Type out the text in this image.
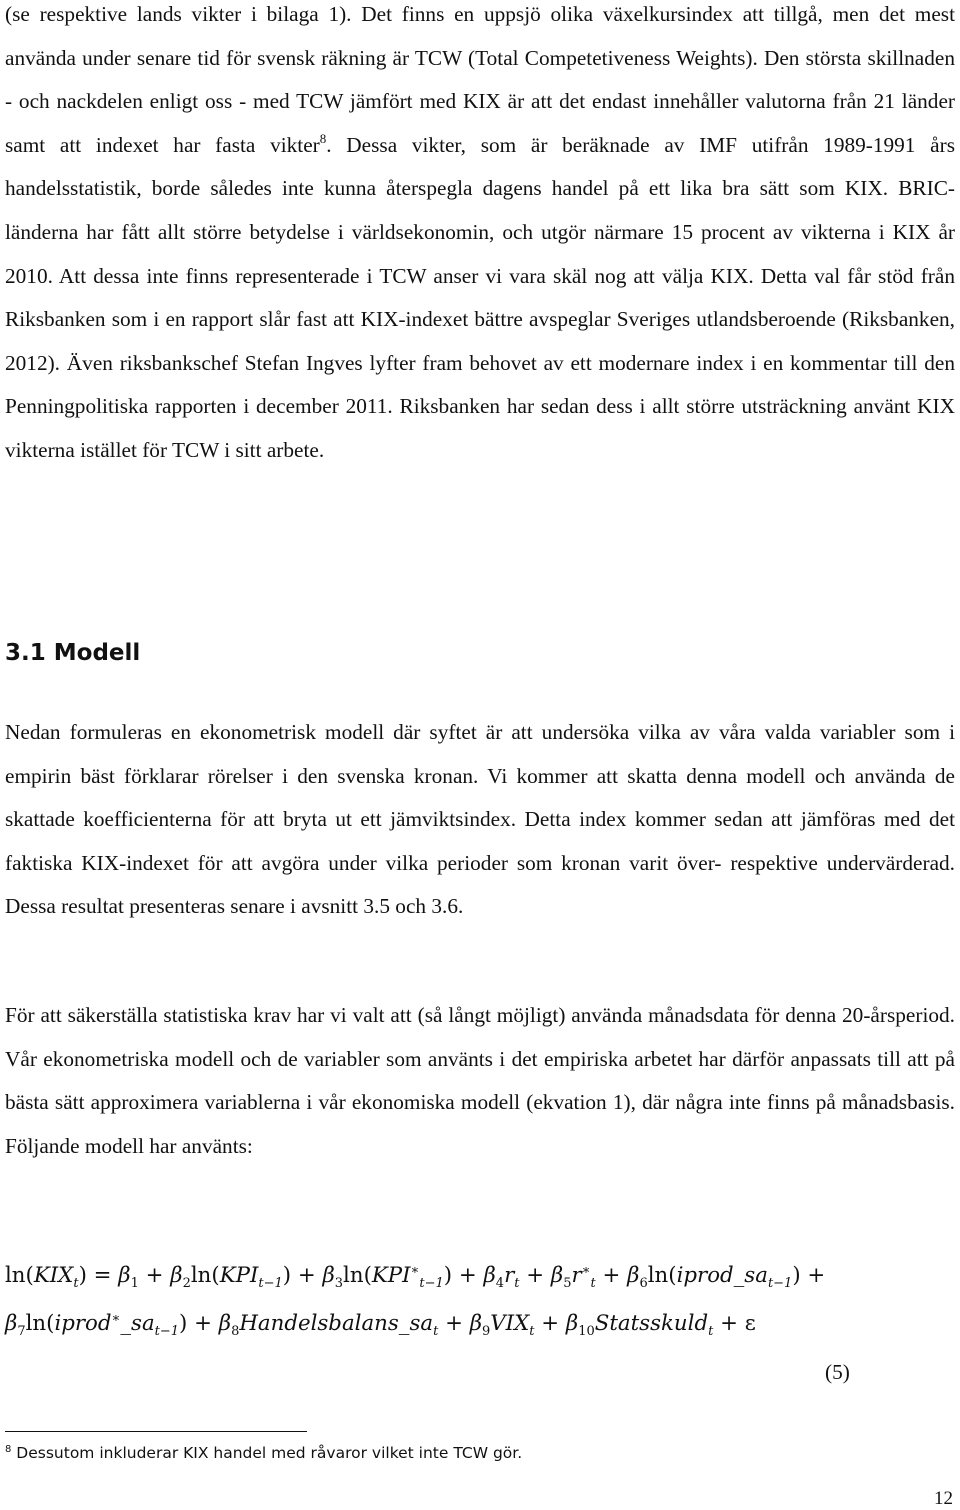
(se respektive lands vikter i bilaga 1). Det finns en uppsjö olika växelkursindex att tillgå, men det mest använda under senare tid för svensk räkning är TCW (Total Competetiveness Weights). Den största skillnaden - och nackdelen enligt oss - med TCW jämfört med KIX är att det endast innehåller valutorna från 21 länder samt att indexet har fasta vikter$^8$. Dessa vikter, som är beräknade av IMF utifrån 1989-1991 års handelsstatistik, borde således inte kunna återspegla dagens handel på ett lika bra sätt som KIX. BRIC-länderna har fått allt större betydelse i världsekonomin, och utgör närmare 15 procent av vikterna i KIX år 2010. Att dessa inte finns representerade i TCW anser vi vara skäl nog att välja KIX. Detta val får stöd från Riksbanken som i en rapport slår fast att KIX-indexet bättre avspeglar Sveriges utlandsberoende (Riksbanken, 2012). Även riksbankschef Stefan Ingves lyfter fram behovet av ett modernare index i en kommentar till den Penningpolitiska rapporten i december 2011. Riksbanken har sedan dess i allt större utsträckning använt KIX vikterna istället för TCW i sitt arbete.
3.1 Modell
Nedan formuleras en ekonometrisk modell där syftet är att undersöka vilka av våra valda variabler som i empirin bäst förklarar rörelser i den svenska kronan. Vi kommer att skatta denna modell och använda de skattade koefficienterna för att bryta ut ett jämviktsindex. Detta index kommer sedan att jämföras med det faktiska KIX-indexet för att avgöra under vilka perioder som kronan varit över- respektive undervärderad. Dessa resultat presenteras senare i avsnitt 3.5 och 3.6.
För att säkerställa statistiska krav har vi valt att (så långt möjligt) använda månadsdata för denna 20-årsperiod. Vår ekonometriska modell och de variabler som använts i det empiriska arbetet har därför anpassats till att på bästa sätt approximera variablerna i vår ekonomiska modell (ekvation 1), där några inte finns på månadsbasis. Följande modell har använts:
$\ln(KIX_t) = \beta_1 + \beta_2\ln(KPI_{t-1}) + \beta_3\ln(KPI^∗_{t-1}) + \beta_4r_t + \beta_5r^∗_t$ + $\beta_6\ln(iprod\_sa_{t-1})$ +
$\beta_7\ln(iprod^∗\_sa_{t-1})$ + $\beta_8Handelsbalans\_sa_t + \beta_9VIX_t$ + $\beta_{10}Statsskuld_t + \varepsilon$
(5)
$^8$ Dessutom inkluderar KIX handel med råvaror vilket inte TCW gör.
12
